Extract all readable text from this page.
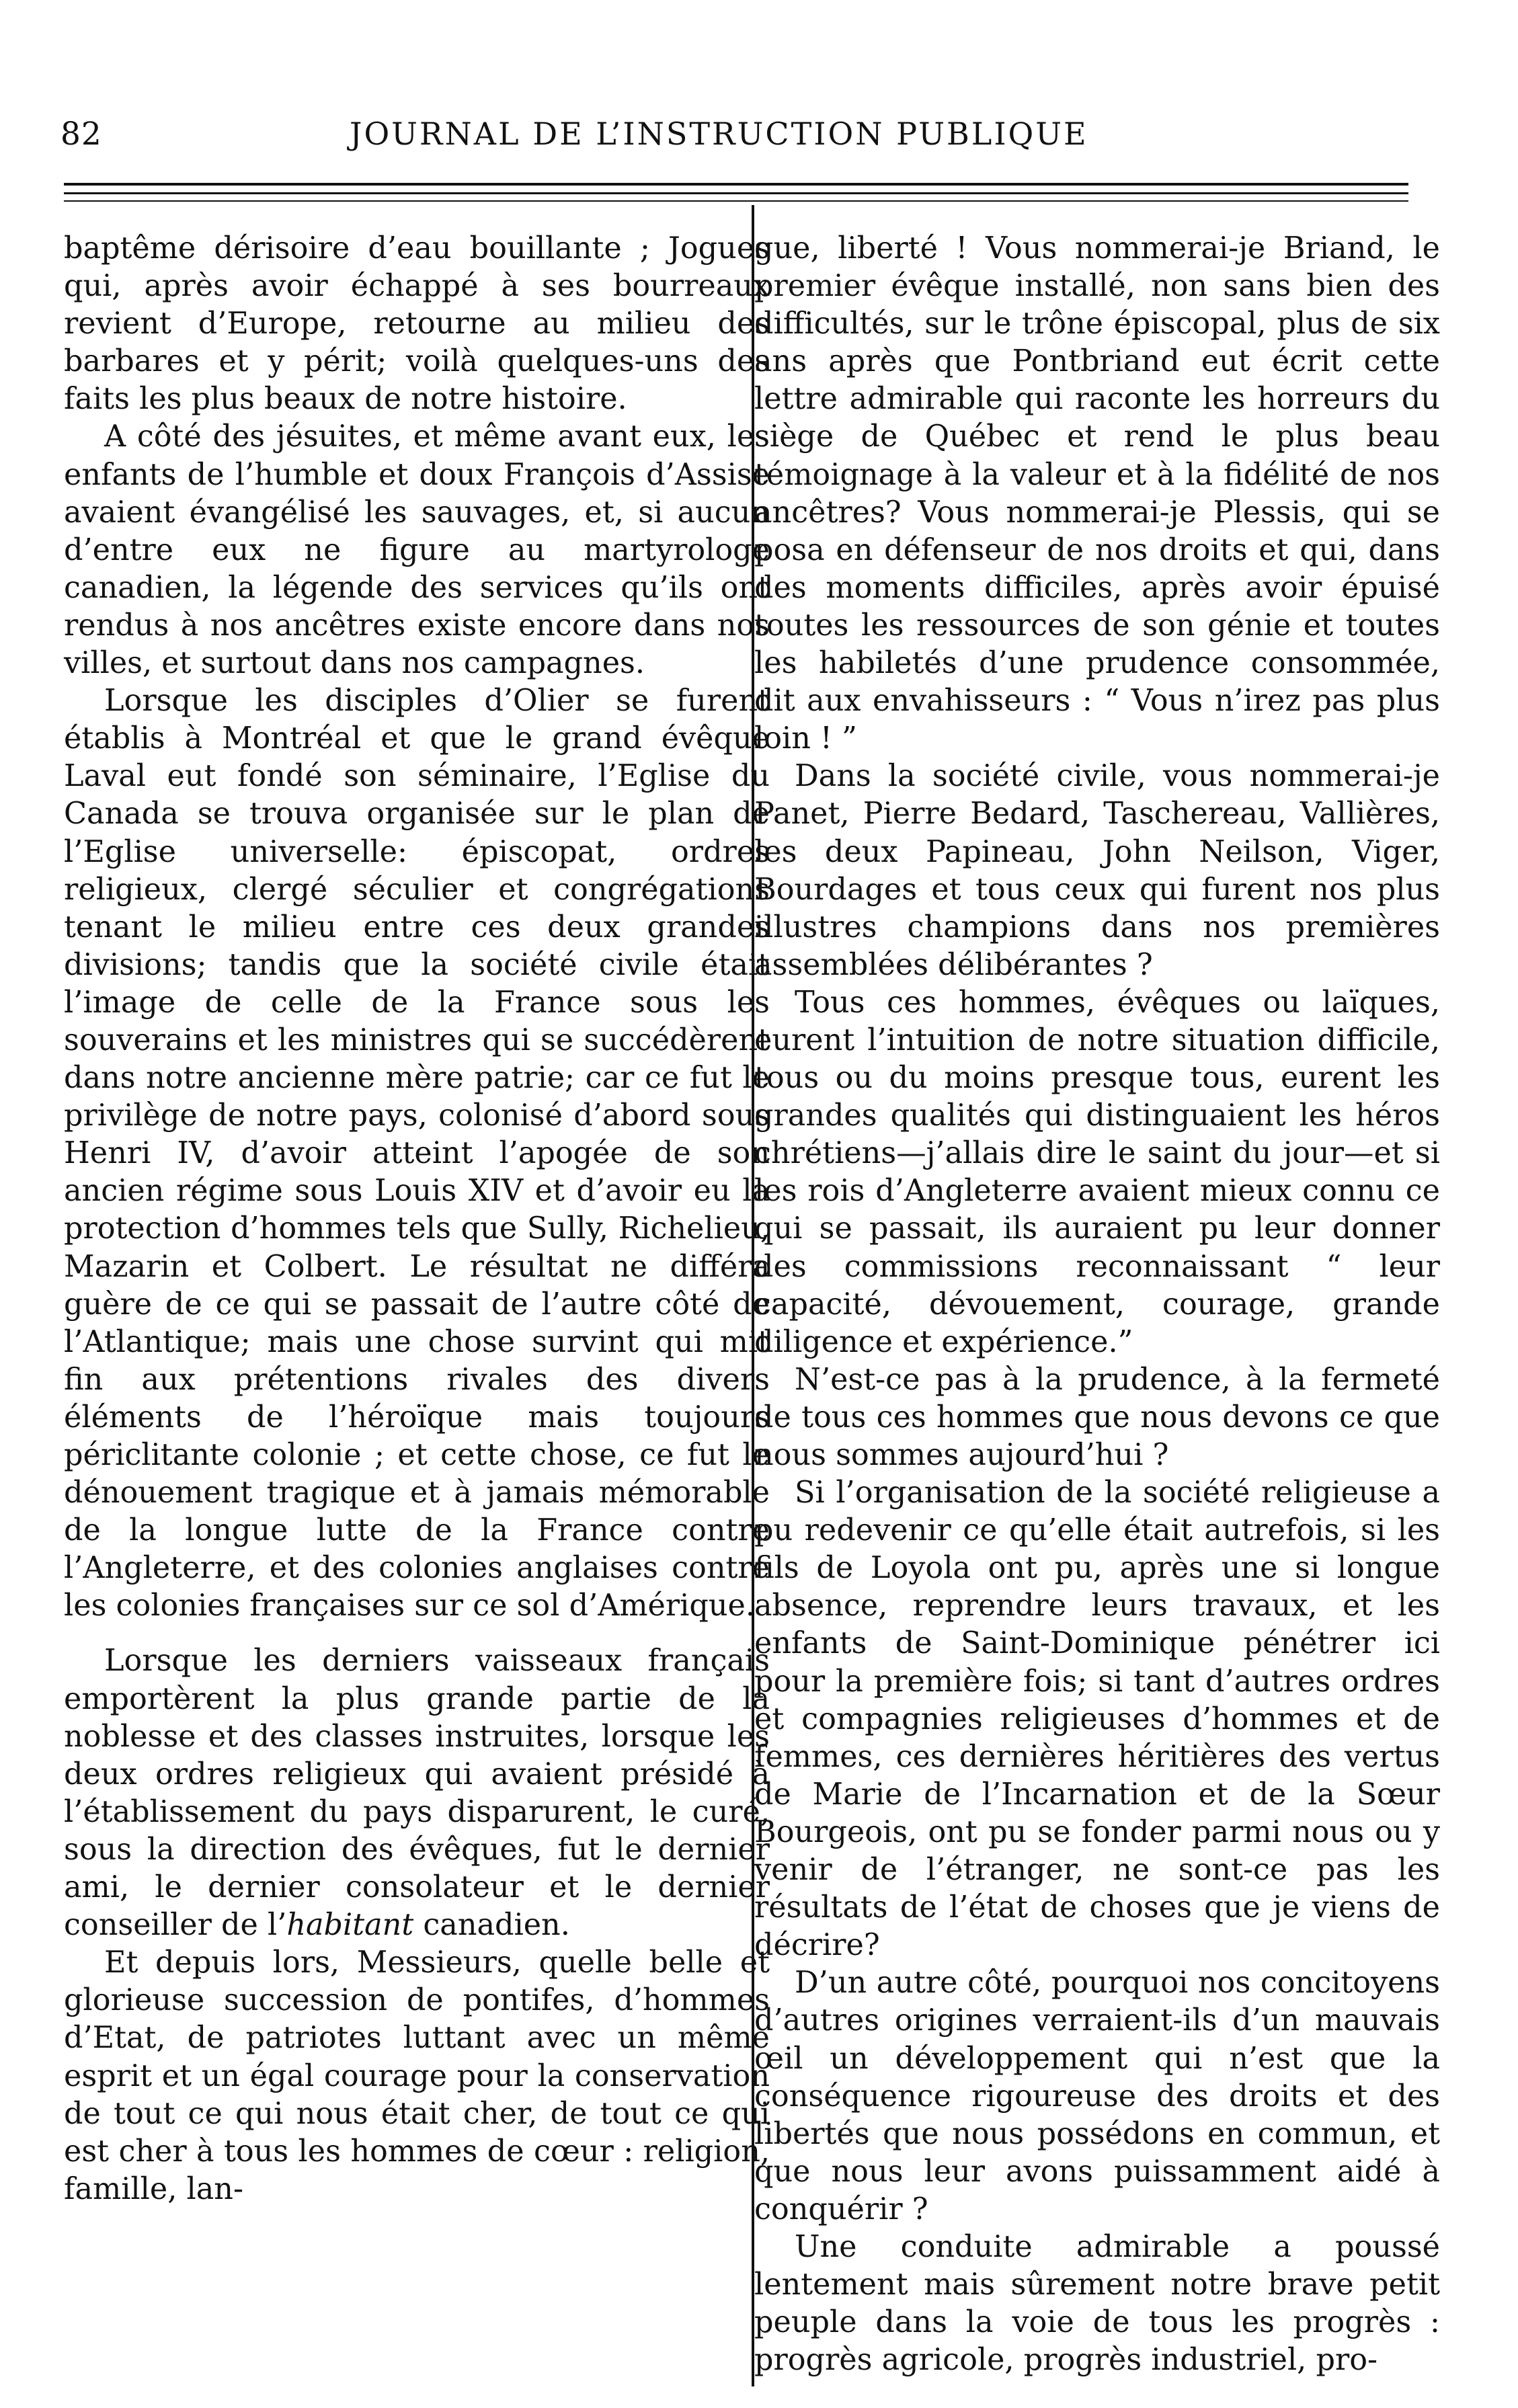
82	JOURNAL DE L’INSTRUCTION PUBLIQUE

baptême dérisoire d’eau bouillante ; Jogues qui, après avoir échappé à ses bourreaux revient d’Europe, retourne au milieu des barbares et y périt; voilà quelques-uns des faits les plus beaux de notre histoire.

A côté des jésuites, et même avant eux, les enfants de l’humble et doux François d’Assise avaient évangélisé les sauvages, et, si aucun d’entre eux ne figure au martyrologe canadien, la légende des services qu’ils ont rendus à nos ancêtres existe encore dans nos villes, et surtout dans nos campagnes.

Lorsque les disciples d’Olier se furent établis à Montréal et que le grand évêque Laval eut fondé son séminaire, l’Eglise du Canada se trouva organisée sur le plan de l’Eglise universelle: épiscopat, ordres religieux, clergé séculier et congrégations tenant le milieu entre ces deux grandes divisions; tandis que la société civile était l’image de celle de la France sous les souverains et les ministres qui se succédèrent dans notre ancienne mère patrie; car ce fut le privilège de notre pays, colonisé d’abord sous Henri IV, d’avoir atteint l’apogée de son ancien régime sous Louis XIV et d’avoir eu la protection d’hommes tels que Sully, Richelieu, Mazarin et Colbert. Le résultat ne différa guère de ce qui se passait de l’autre côté de l’Atlantique; mais une chose survint qui mit fin aux prétentions rivales des divers éléments de l’héroïque mais toujours périclitante colonie ; et cette chose, ce fut le dénouement tragique et à jamais mémorable de la longue lutte de la France contre l’Angleterre, et des colonies anglaises contre les colonies françaises sur ce sol d’Amérique.

Lorsque les derniers vaisseaux français emportèrent la plus grande partie de la noblesse et des classes instruites, lorsque les deux ordres religieux qui avaient présidé à l’établissement du pays disparurent, le curé, sous la direction des évêques, fut le dernier ami, le dernier consolateur et le dernier conseiller de l’habitant canadien.

Et depuis lors, Messieurs, quelle belle et glorieuse succession de pontifes, d’hommes d’Etat, de patriotes luttant avec un même esprit et un égal courage pour la conservation de tout ce qui nous était cher, de tout ce qui est cher à tous les hommes de cœur : religion, famille, lan-

gue, liberté ! Vous nommerai-je Briand, le premier évêque installé, non sans bien des difficultés, sur le trône épiscopal, plus de six ans après que Pontbriand eut écrit cette lettre admirable qui raconte les horreurs du siège de Québec et rend le plus beau témoignage à la valeur et à la fidélité de nos ancêtres? Vous nommerai-je Plessis, qui se posa en défenseur de nos droits et qui, dans des moments difficiles, après avoir épuisé toutes les ressources de son génie et toutes les habiletés d’une prudence consommée, dit aux envahisseurs : “ Vous n’irez pas plus loin ! ”

Dans la société civile, vous nommerai-je Panet, Pierre Bedard, Taschereau, Vallières, les deux Papineau, John Neilson, Viger, Bourdages et tous ceux qui furent nos plus illustres champions dans nos premières assemblées délibérantes ?

Tous ces hommes, évêques ou laïques, eurent l’intuition de notre situation difficile, tous ou du moins presque tous, eurent les grandes qualités qui distinguaient les héros chrétiens—j’allais dire le saint du jour—et si les rois d’Angleterre avaient mieux connu ce qui se passait, ils auraient pu leur donner des commissions reconnaissant “ leur capacité, dévouement, courage, grande diligence et expérience.”

N’est-ce pas à la prudence, à la fermeté de tous ces hommes que nous devons ce que nous sommes aujourd’hui ?

Si l’organisation de la société religieuse a pu redevenir ce qu’elle était autrefois, si les fils de Loyola ont pu, après une si longue absence, reprendre leurs travaux, et les enfants de Saint-Dominique pénétrer ici pour la première fois; si tant d’autres ordres et compagnies religieuses d’hommes et de femmes, ces dernières héritières des vertus de Marie de l’Incarnation et de la Sœur Bourgeois, ont pu se fonder parmi nous ou y venir de l’étranger, ne sont-ce pas les résultats de l’état de choses que je viens de décrire?

D’un autre côté, pourquoi nos concitoyens d’autres origines verraient-ils d’un mauvais œil un développement qui n’est que la conséquence rigoureuse des droits et des libertés que nous possédons en commun, et que nous leur avons puissamment aidé à conquérir ?

Une conduite admirable a poussé lentement mais sûrement notre brave petit peuple dans la voie de tous les progrès : progrès agricole, progrès industriel, pro-
